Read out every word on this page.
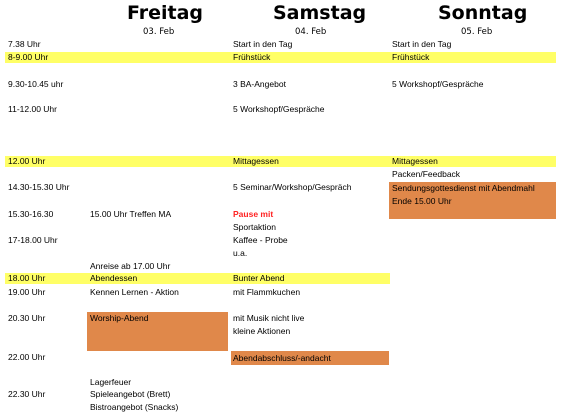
Freitag
03. Feb
Samstag
04. Feb
Sonntag
05. Feb
7.38 Uhr
8-9.00 Uhr
9.30-10.45 uhr
11-12.00 Uhr
12.00 Uhr
14.30-15.30 Uhr
15.30-16.30
17-18.00 Uhr
18.00 Uhr
19.00 Uhr
20.30 Uhr
22.00 Uhr
22.30 Uhr
15.00 Uhr Treffen MA
Anreise ab 17.00 Uhr
Abendessen
Kennen Lernen - Aktion
Worship-Abend
Lagerfeuer
Spieleangebot (Brett)
Bistroangebot (Snacks)
Start in den Tag
Frühstück
3 BA-Angebot
5 Workshopf/Gespräche
Mittagessen
5 Seminar/Workshop/Gespräch
Pause mit
Sportaktion
Kaffee - Probe
u.a.
Bunter Abend
mit Flammkuchen
mit Musik nicht live
kleine Aktionen
Abendabschluss/-andacht
Start in den Tag
Frühstück
5 Workshopf/Gespräche
Mittagessen
Packen/Feedback
Sendungsgottesdienst mit Abendmahl
Ende 15.00 Uhr
